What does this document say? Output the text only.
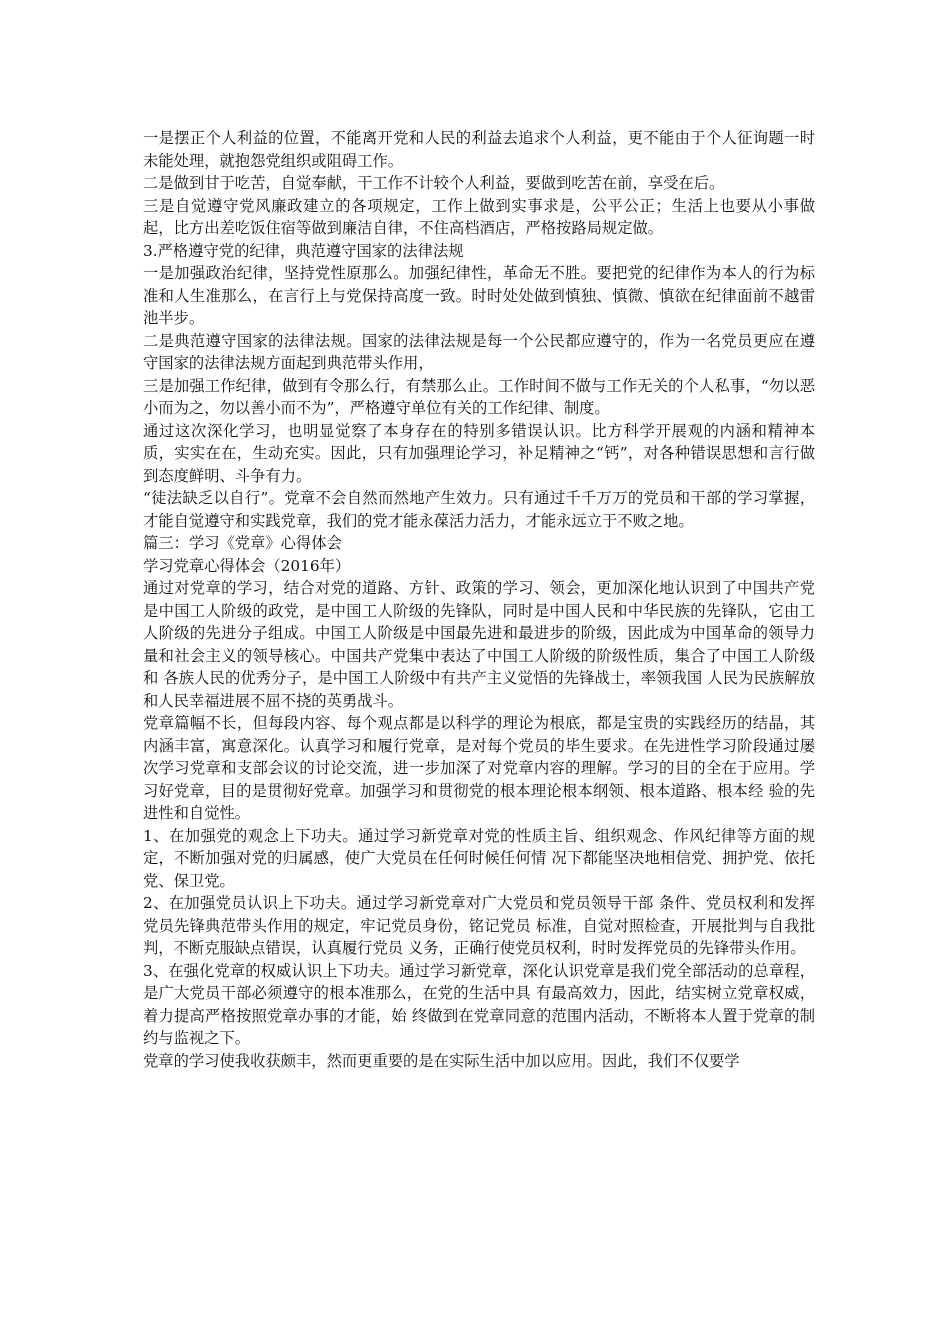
一是摆正个人利益的位置，不能离开党和人民的利益去追求个人利益，更不能由于个人征询题一时未能处理，就抱怨党组织或阻碍工作。

二是做到甘于吃苦，自觉奉献，干工作不计较个人利益，要做到吃苦在前，享受在后。

三是自觉遵守党风廉政建立的各项规定，工作上做到实事求是，公平公正；生活上也要从小事做起，比方出差吃饭住宿等做到廉洁自律，不住高档酒店，严格按路局规定做。

3.严格遵守党的纪律，典范遵守国家的法律法规

一是加强政治纪律，坚持党性原那么。加强纪律性，革命无不胜。要把党的纪律作为本人的行为标准和人生准那么，在言行上与党保持高度一致。时时处处做到慎独、慎微、慎欲在纪律面前不越雷池半步。

二是典范遵守国家的法律法规。国家的法律法规是每一个公民都应遵守的，作为一名党员更应在遵守国家的法律法规方面起到典范带头作用，

三是加强工作纪律，做到有令那么行，有禁那么止。工作时间不做与工作无关的个人私事，“勿以恶小而为之，勿以善小而不为”，严格遵守单位有关的工作纪律、制度。

通过这次深化学习，也明显觉察了本身存在的特别多错误认识。比方科学开展观的内涵和精神本质，实实在在，生动充实。因此，只有加强理论学习，补足精神之“钙”，对各种错误思想和言行做到态度鲜明、斗争有力。

“徒法缺乏以自行”。党章不会自然而然地产生效力。只有通过千千万万的党员和干部的学习掌握，才能自觉遵守和实践党章，我们的党才能永葆活力活力，才能永远立于不败之地。

篇三：学习《党章》心得体会

学习党章心得体会（2016年）

通过对党章的学习，结合对党的道路、方针、政策的学习、领会，更加深化地认识到了中国共产党是中国工人阶级的政党，是中国工人阶级的先锋队，同时是中国人民和中华民族的先锋队，它由工人阶级的先进分子组成。中国工人阶级是中国最先进和最进步的阶级，因此成为中国革命的领导力量和社会主义的领导核心。中国共产党集中表达了中国工人阶级的阶级性质，集合了中国工人阶级和 各族人民的优秀分子，是中国工人阶级中有共产主义觉悟的先锋战士，率领我国 人民为民族解放和人民幸福进展不屈不挠的英勇战斗。

党章篇幅不长，但每段内容、每个观点都是以科学的理论为根底，都是宝贵的实践经历的结晶，其内涵丰富，寓意深化。认真学习和履行党章，是对每个党员的毕生要求。在先进性学习阶段通过屡次学习党章和支部会议的讨论交流，进一步加深了对党章内容的理解。学习的目的全在于应用。学习好党章，目的是贯彻好党章。加强学习和贯彻党的根本理论根本纲领、根本道路、根本经 验的先进性和自觉性。

1、在加强党的观念上下功夫。通过学习新党章对党的性质主旨、组织观念、作风纪律等方面的规定，不断加强对党的归属感，使广大党员在任何时候任何情 况下都能坚决地相信党、拥护党、依托党、保卫党。

2、在加强党员认识上下功夫。通过学习新党章对广大党员和党员领导干部 条件、党员权利和发挥党员先锋典范带头作用的规定，牢记党员身份，铭记党员 标准，自觉对照检查，开展批判与自我批判，不断克服缺点错误，认真履行党员 义务，正确行使党员权利，时时发挥党员的先锋带头作用。

3、在强化党章的权威认识上下功夫。通过学习新党章，深化认识党章是我们党全部活动的总章程，是广大党员干部必须遵守的根本准那么，在党的生活中具 有最高效力，因此，结实树立党章权威，着力提高严格按照党章办事的才能，始 终做到在党章同意的范围内活动，不断将本人置于党章的制约与监视之下。

党章的学习使我收获颇丰，然而更重要的是在实际生活中加以应用。因此，我们不仅要学
